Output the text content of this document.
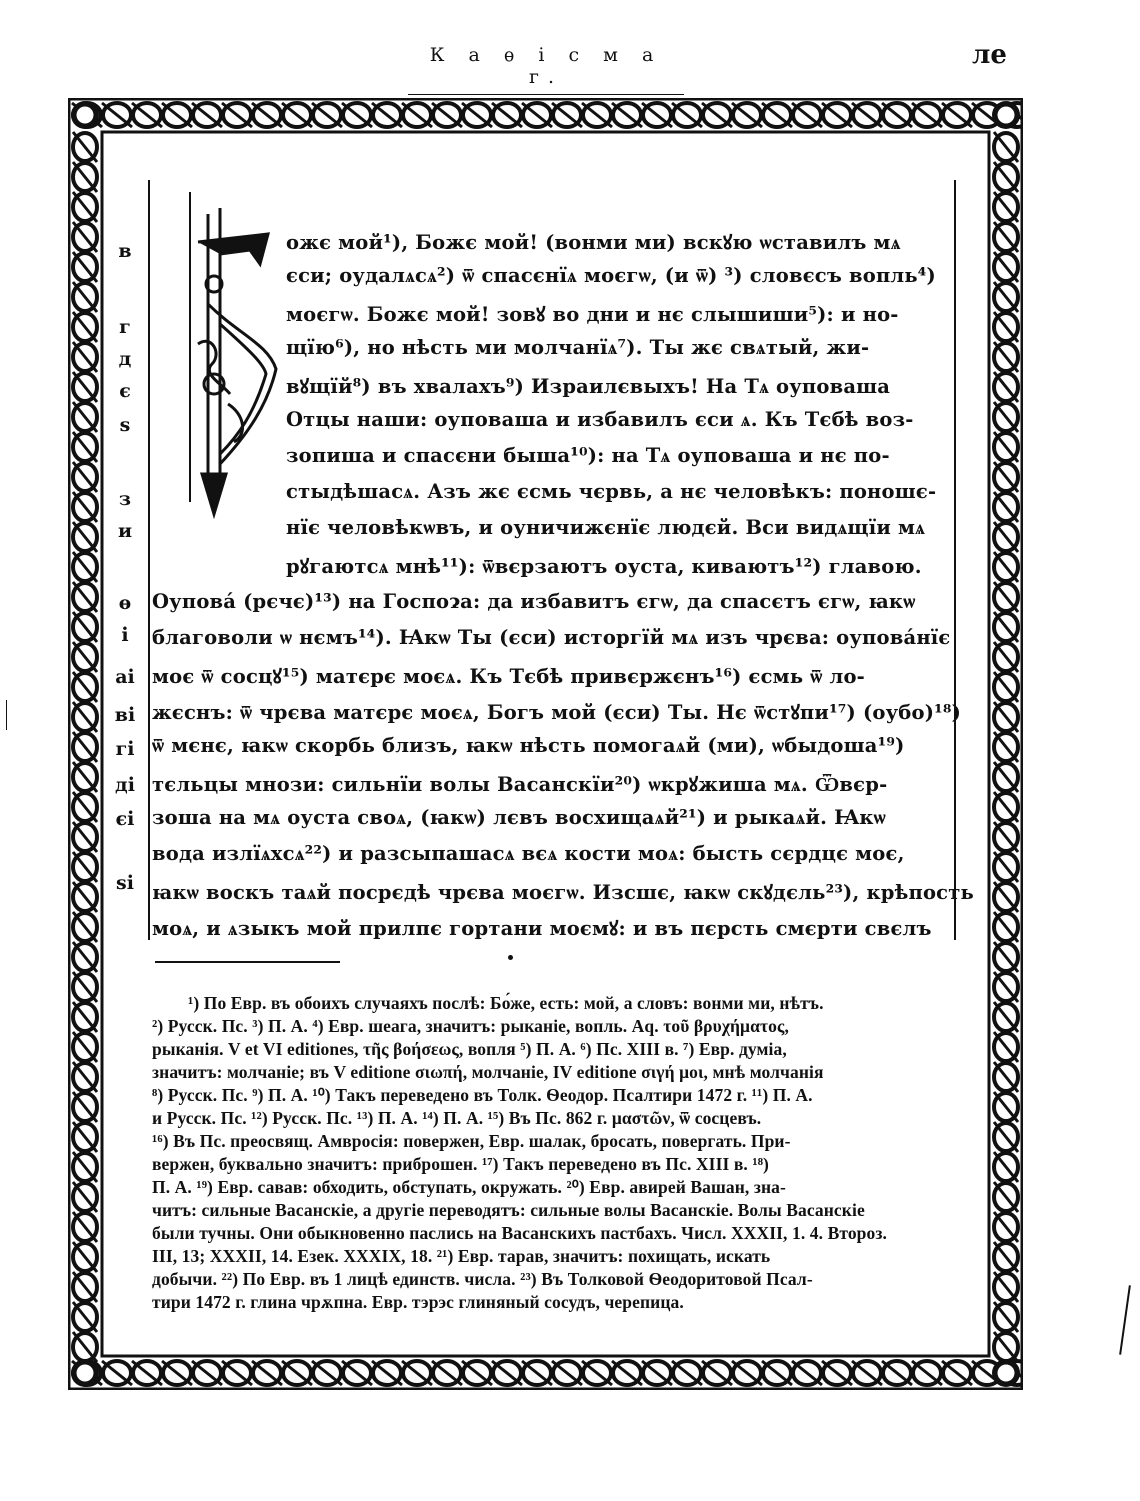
К а ѳ і с м а г.
ле
в
г
д
є
ѕ
з
и
ѳ
і
аі
ві
гі
ді
єі
ѕі
ожє мой¹), Божє мой! (вонми ми) вскꙋю ѡставилъ мѧ
єси; оудалѧсѧ²) ѿ спасєнїѧ моєгѡ, (и ѿ) ³) словєсъ вопль⁴)
моєгѡ. Божє мой! зовꙋ во дни и нє слышиши⁵): и но-
щїю⁶), но нѣсть ми молчанїѧ⁷). Ты жє свѧтый, жи-
вꙋщїй⁸) въ хвалахъ⁹) Израилєвыхъ! На Тѧ оуповаша
Отцы наши: оуповаша и избавилъ єси ѧ. Къ Тєбѣ воз-
зопиша и спасєни быша¹⁰): на Тѧ оуповаша и нє по-
стыдѣшасѧ. Азъ жє єсмь чєрвь, а нє человѣкъ: поношє-
нїє человѣкѡвъ, и оуничижєнїє людєй. Вси видѧщїи мѧ
рꙋгаютсѧ мнѣ¹¹): ѿвєрзаютъ оуста, киваютъ¹²) главою.
Оуповá (рєчє)¹³) на Госпоɂа: да избавитъ єгѡ, да спасєтъ єгѡ, ꙗкѡ
благоволи ѡ нємъ¹⁴). Ꙗкѡ Ты (єси) исторгїй мѧ изъ чрєва: оуповáнїє
моє ѿ сосцꙋ¹⁵) матєрє моєѧ. Къ Тєбѣ привєржєнъ¹⁶) єсмь ѿ ло-
жєснъ: ѿ чрєва матєрє моєѧ, Богъ мой (єси) Ты. Нє ѿстꙋпи¹⁷) (оубо)¹⁸)
ѿ мєнє, ꙗкѡ скорбь близъ, ꙗкѡ нѣсть помогаѧй (ми), ѡбыдоша¹⁹)
тєльцы мнози: сильнїи волы Васанскїи²⁰) ѡкрꙋжиша мѧ. Ѿвєр-
зоша на мѧ оуста своѧ, (ꙗкѡ) лєвъ восхищаѧй²¹) и рыкаѧй. Ꙗкѡ
вода излїѧхсѧ²²) и разсыпашасѧ вєѧ кости моѧ: бысть сєрдцє моє,
ꙗкѡ воскъ таѧй посрєдѣ чрєва моєгѡ. Изсшє, ꙗкѡ скꙋдєль²³), крѣпость
моѧ, и ѧзыкъ мой прилпє гортани моємꙋ: и въ пєрсть смєрти свєлъ
¹) По Евр. въ обоихъ случаяхъ послѣ: Бо́же, есть: мой, а словъ: вонми ми, нѣтъ.
²) Русск. Пс. ³) П. А. ⁴) Евр. шеага, значитъ: рыканіе, вопль. Aq. τοῦ βρυχήματος,
рыканія. V et VI editiones, τῆς βοήσεως, вопля ⁵) П. А. ⁶) Пс. XIII в. ⁷) Евр. думіа,
значитъ: молчаніе; въ V editione σιωπή, молчаніе, IV editione σιγή μοι, мнѣ молчанія
⁸) Русск. Пс. ⁹) П. А. ¹⁰) Такъ переведено въ Толк. Ѳеодор. Псалтири 1472 г. ¹¹) П. А.
и Русск. Пс. ¹²) Русск. Пс. ¹³) П. А. ¹⁴) П. А. ¹⁵) Въ Пс. 862 г. μαστῶν, ѿ сосцевъ.
¹⁶) Въ Пс. преосвящ. Амвросія: повержен, Евр. шалак, бросать, повергать. При-
вержен, буквально значитъ: приброшен. ¹⁷) Такъ переведено въ Пс. XIII в. ¹⁸)
П. А. ¹⁹) Евр. савав: обходить, обступать, окружать. ²⁰) Евр. авирей Вашан, зна-
читъ: сильные Васанскіе, а другіе переводятъ: сильные волы Васанскіе. Волы Васанскіе
были тучны. Они обыкновенно паслись на Васанскихъ пастбахъ. Числ. XXXII, 1. 4. Второз.
III, 13; XXXII, 14. Езек. XXXIX, 18. ²¹) Евр. тарав, значитъ: похищать, искать
добычи. ²²) По Евр. въ 1 лицѣ единств. числа. ²³) Въ Толковой Ѳеодоритовой Псал-
тири 1472 г. глина чрѫпна. Евр. тэрэс глиняный сосудъ, черепица.
